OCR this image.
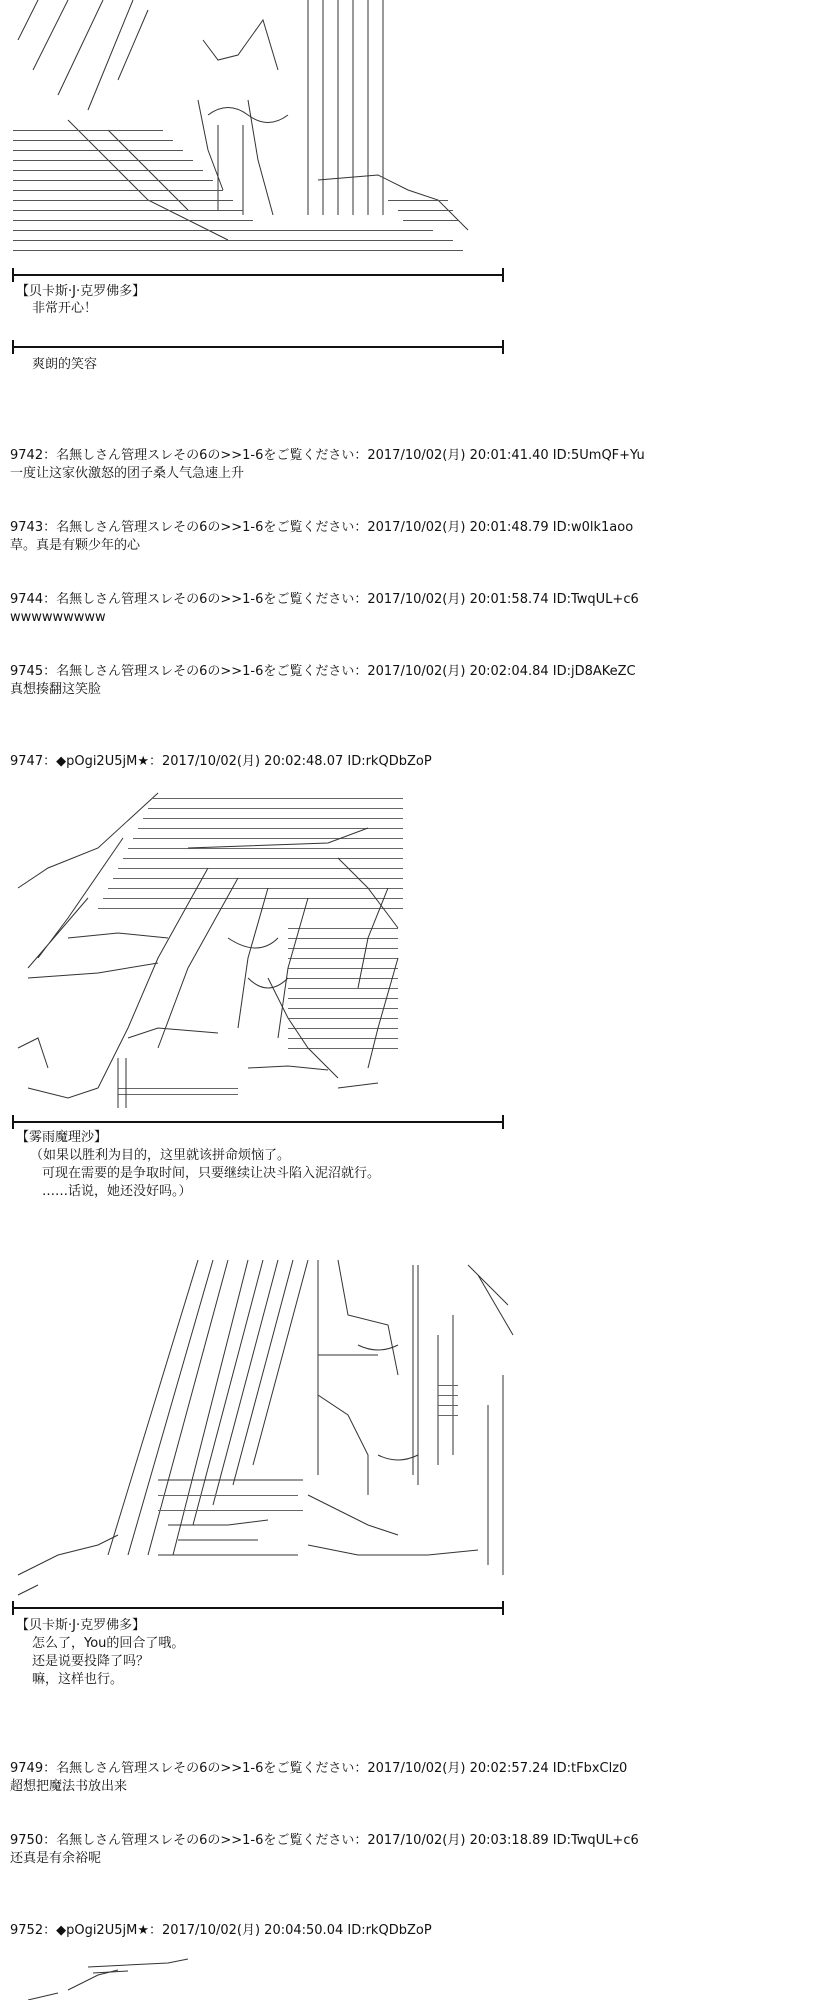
【贝卡斯·J·克罗佛多】
非常开心！
爽朗的笑容
9742：名無しさん管理スレその6の>>1-6をご覧ください：2017/10/02(月) 20:01:41.40 ID:5UmQF+Yu
一度让这家伙激怒的团子桑人气急速上升
9743：名無しさん管理スレその6の>>1-6をご覧ください：2017/10/02(月) 20:01:48.79 ID:w0lk1aoo
草。真是有颗少年的心
9744：名無しさん管理スレその6の>>1-6をご覧ください：2017/10/02(月) 20:01:58.74 ID:TwqUL+c6
wwwwwwwww
9745：名無しさん管理スレその6の>>1-6をご覧ください：2017/10/02(月) 20:02:04.84 ID:jD8AKeZC
真想揍翻这笑脸
9747：◆pOgi2U5jM★：2017/10/02(月) 20:02:48.07 ID:rkQDbZoP
【雾雨魔理沙】
（如果以胜利为目的，这里就该拼命烦恼了。
可现在需要的是争取时间，只要继续让决斗陷入泥沼就行。
……话说，她还没好吗。）
【贝卡斯·J·克罗佛多】
怎么了，You的回合了哦。
还是说要投降了吗？
嘛，这样也行。
9749：名無しさん管理スレその6の>>1-6をご覧ください：2017/10/02(月) 20:02:57.24 ID:tFbxClz0
超想把魔法书放出来
9750：名無しさん管理スレその6の>>1-6をご覧ください：2017/10/02(月) 20:03:18.89 ID:TwqUL+c6
还真是有余裕呢
9752：◆pOgi2U5jM★：2017/10/02(月) 20:04:50.04 ID:rkQDbZoP
